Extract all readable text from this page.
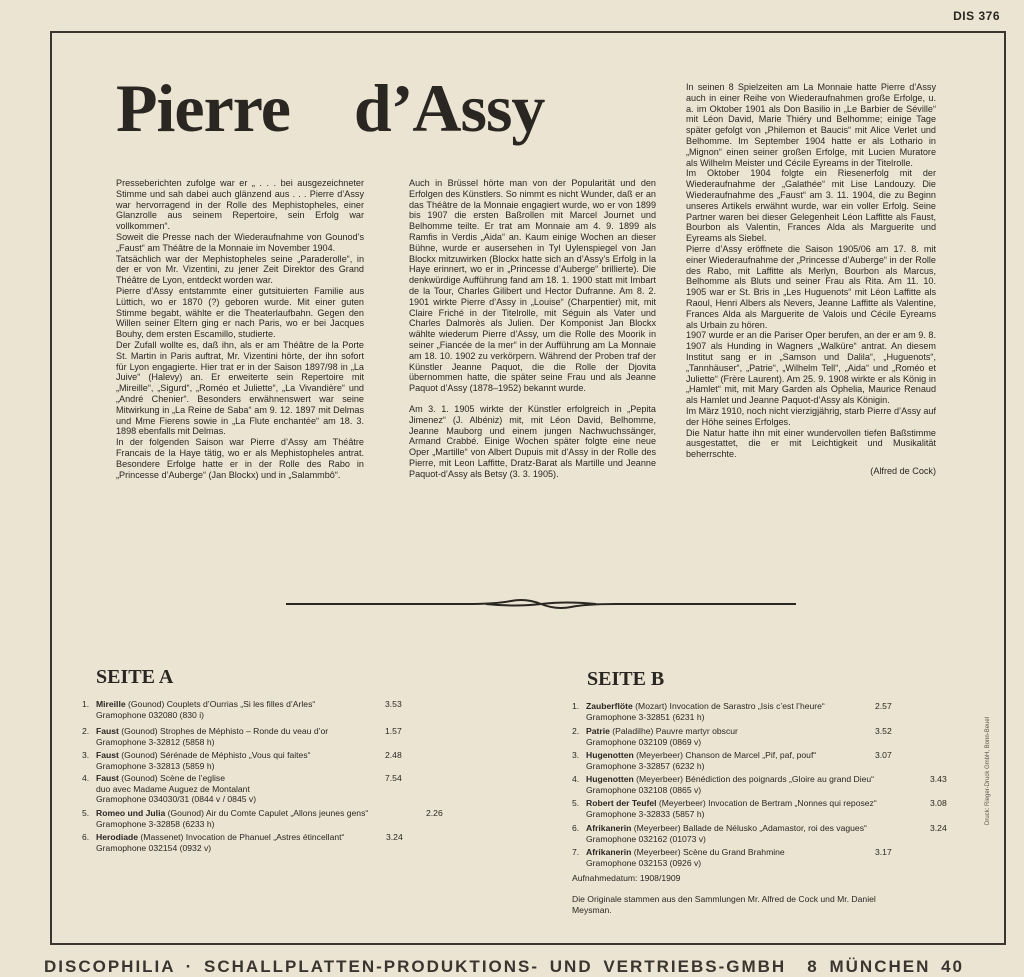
DIS 376
Pierre    d’Assy

Presseberichten zufolge war er „ . . . bei ausgezeichneter Stimme und sah dabei auch glänzend aus . . . Pierre d’Assy war hervorragend in der Rolle des Mephistopheles, einer Glanzrolle aus seinem Repertoire, sein Erfolg war vollkommen“.

Soweit die Presse nach der Wiederaufnahme von Gounod’s „Faust“ am Théâtre de la Monnaie im November 1904.

Tatsächlich war der Mephistopheles seine „Paraderolle“, in der er von Mr. Vizentini, zu jener Zeit Direktor des Grand Théâtre de Lyon, entdeckt worden war.

Pierre d’Assy entstammte einer gutsituierten Familie aus Lüttich, wo er 1870 (?) geboren wurde. Mit einer guten Stimme begabt, wählte er die Theaterlaufbahn. Gegen den Willen seiner Eltern ging er nach Paris, wo er bei Jacques Bouhy, dem ersten Escamillo, studierte.

Der Zufall wollte es, daß ihn, als er am Théâtre de la Porte St. Martin in Paris auftrat, Mr. Vizentini hörte, der ihn sofort für Lyon engagierte. Hier trat er in der Saison 1897/98 in „La Juive“ (Halevy) an. Er erweiterte sein Repertoire mit „Mireille“, „Sigurd“, „Roméo et Juliette“, „La Vivandière“ und „André Chenier“. Besonders erwähnenswert war seine Mitwirkung in „La Reine de Saba“ am 9. 12. 1897 mit Delmas und Mme Fierens sowie in „La Flute enchantée“ am 18. 3. 1898 ebenfalls mit Delmas.

In der folgenden Saison war Pierre d’Assy am Théâtre Francais de la Haye tätig, wo er als Mephistopheles antrat. Besondere Erfolge hatte er in der Rolle des Rabo in „Princesse d’Auberge“ (Jan Blockx) und in „Salammbô“.

Auch in Brüssel hörte man von der Popularität und den Erfolgen des Künstlers. So nimmt es nicht Wunder, daß er an das Théâtre de la Monnaie engagiert wurde, wo er von 1899 bis 1907 die ersten Baßrollen mit Marcel Journet und Belhomme teilte. Er trat am Monnaie am 4. 9. 1899 als Ramfis in Verdis „Aida“ an. Kaum einige Wochen an dieser Bühne, wurde er ausersehen in Tyl Uylenspiegel von Jan Blockx mitzuwirken (Blockx hatte sich an d’Assy’s Erfolg in la Haye erinnert, wo er in „Princesse d’Auberge“ brillierte). Die denkwürdige Aufführung fand am 18. 1. 1900 statt mit Imbart de la Tour, Charles Gilibert und Hector Dufranne. Am 8. 2. 1901 wirkte Pierre d’Assy in „Louise“ (Charpentier) mit, mit Claire Friché in der Titelrolle, mit Séguin als Vater und Charles Dalmorès als Julien. Der Komponist Jan Blockx wählte wiederum Pierre d’Assy, um die Rolle des Moorik in seiner „Fiancée de la mer“ in der Aufführung am La Monnaie am 18. 10. 1902 zu verkörpern. Während der Proben traf der Künstler Jeanne Paquot, die die Rolle der Djovita übernommen hatte, die später seine Frau und als Jeanne Paquot d’Assy (1878–1952) bekannt wurde.

Am 3. 1. 1905 wirkte der Künstler erfolgreich in „Pepita Jimenez“ (J. Albéniz) mit, mit Léon David, Belhomme, Jeanne Mauborg und einem jungen Nachwuchssänger, Armand Crabbé. Einige Wochen später folgte eine neue Oper „Martille“ von Albert Dupuis mit d’Assy in der Rolle des Pierre, mit Leon Laffitte, Dratz-Barat als Martille und Jeanne Paquot-d’Assy als Betsy (3. 3. 1905).

In seinen 8 Spielzeiten am La Monnaie hatte Pierre d’Assy auch in einer Reihe von Wiederaufnahmen große Erfolge, u. a. im Oktober 1901 als Don Basilio in „Le Barbier de Séville“ mit Léon David, Marie Thiéry und Belhomme; einige Tage später gefolgt von „Philemon et Baucis“ mit Alice Verlet und Belhomme. Im September 1904 hatte er als Lothario in „Mignon“ einen seiner großen Erfolge, mit Lucien Muratore als Wilhelm Meister und Cécile Eyreams in der Titelrolle.

Im Oktober 1904 folgte ein Riesenerfolg mit der Wiederaufnahme der „Galathée“ mit Lise Landouzy. Die Wiederaufnahme des „Faust“ am 3. 11. 1904, die zu Beginn unseres Artikels erwähnt wurde, war ein voller Erfolg. Seine Partner waren bei dieser Gelegenheit Léon Laffitte als Faust, Bourbon als Valentin, Frances Alda als Marguerite und Eyreams als Siebel.

Pierre d’Assy eröffnete die Saison 1905/06 am 17. 8. mit einer Wiederaufnahme der „Princesse d’Auberge“ in der Rolle des Rabo, mit Laffitte als Merlyn, Bourbon als Marcus, Belhomme als Bluts und seiner Frau als Rita. Am 11. 10. 1905 war er St. Bris in „Les Huguenots“ mit Léon Laffitte als Raoul, Henri Albers als Nevers, Jeanne Laffitte als Valentine, Frances Alda als Marguerite de Valois und Cécile Eyreams als Urbain zu hören.

1907 wurde er an die Pariser Oper berufen, an der er am 9. 8. 1907 als Hunding in Wagners „Walküre“ antrat. An diesem Institut sang er in „Samson und Dalila“, „Huguenots“, „Tannhäuser“, „Patrie“, „Wilhelm Tell“, „Aida“ und „Roméo et Juliette“ (Frère Laurent). Am 25. 9. 1908 wirkte er als König in „Hamlet“ mit, mit Mary Garden als Ophelia, Maurice Renaud als Hamlet und Jeanne Paquot-d’Assy als Königin.

Im März 1910, noch nicht vierzigjährig, starb Pierre d’Assy auf der Höhe seines Erfolges.

Die Natur hatte ihn mit einer wundervollen tiefen Baßstimme ausgestattet, die er mit Leichtigkeit und Musikalität beherrschte.

(Alfred de Cock)

SEITE A	SEITE B
1. Mireille (Gounod) Couplets d’Ourrias „Si les filles d’Arles“	3.53
Gramophone 032080 (830 i)
2. Faust (Gounod) Strophes de Méphisto – Ronde du veau d’or	1.57
Gramophone 3-32812 (5858 h)
3. Faust (Gounod) Sérénade de Méphisto „Vous qui faites“	2.48
Gramophone 3-32813 (5859 h)
4. Faust (Gounod) Scène de l’eglise	7.54
duo avec Madame Auguez de Montalant
Gramophone 034030/31 (0844 v / 0845 v)
5. Romeo und Julia (Gounod) Air du Comte Capulet „Allons jeunes gens“	2.26
Gramophone 3-32858 (6233 h)
6. Herodiade (Massenet) Invocation de Phanuel „Astres étincellant“	3.24
Gramophone 032154 (0932 v)
1. Zauberflöte (Mozart) Invocation de Sarastro „Isis c’est l’heure“	2.57
Gramophone 3-32851 (6231 h)
2. Patrie (Paladilhe) Pauvre martyr obscur	3.52
Gramophone 032109 (0869 v)
3. Hugenotten (Meyerbeer) Chanson de Marcel „Pif, paf, pouf“	3.07
Gramophone 3-32857 (6232 h)
4. Hugenotten (Meyerbeer) Bénédiction des poignards „Gloire au grand Dieu“	3.43
Gramophone 032108 (0865 v)
5. Robert der Teufel (Meyerbeer) Invocation de Bertram „Nonnes qui reposez“	3.08
Gramophone 3-32833 (5857 h)
6. Afrikanerin (Meyerbeer) Ballade de Nélusko „Adamastor, roi des vagues“	3.24
Gramophone 032162 (01073 v)
7. Afrikanerin (Meyerbeer) Scène du Grand Brahmine	3.17
Gramophone 032153 (0926 v)
Aufnahmedatum: 1908/1909
Die Originale stammen aus den Sammlungen Mr. Alfred de Cock und Mr. Daniel Meysman.
Druck: Rieger-Druck GmbH, Bonn-Beuel
DISCOPHILIA · SCHALLPLATTEN-PRODUKTIONS- UND VERTRIEBS-GMBH 8 MÜNCHEN 40
